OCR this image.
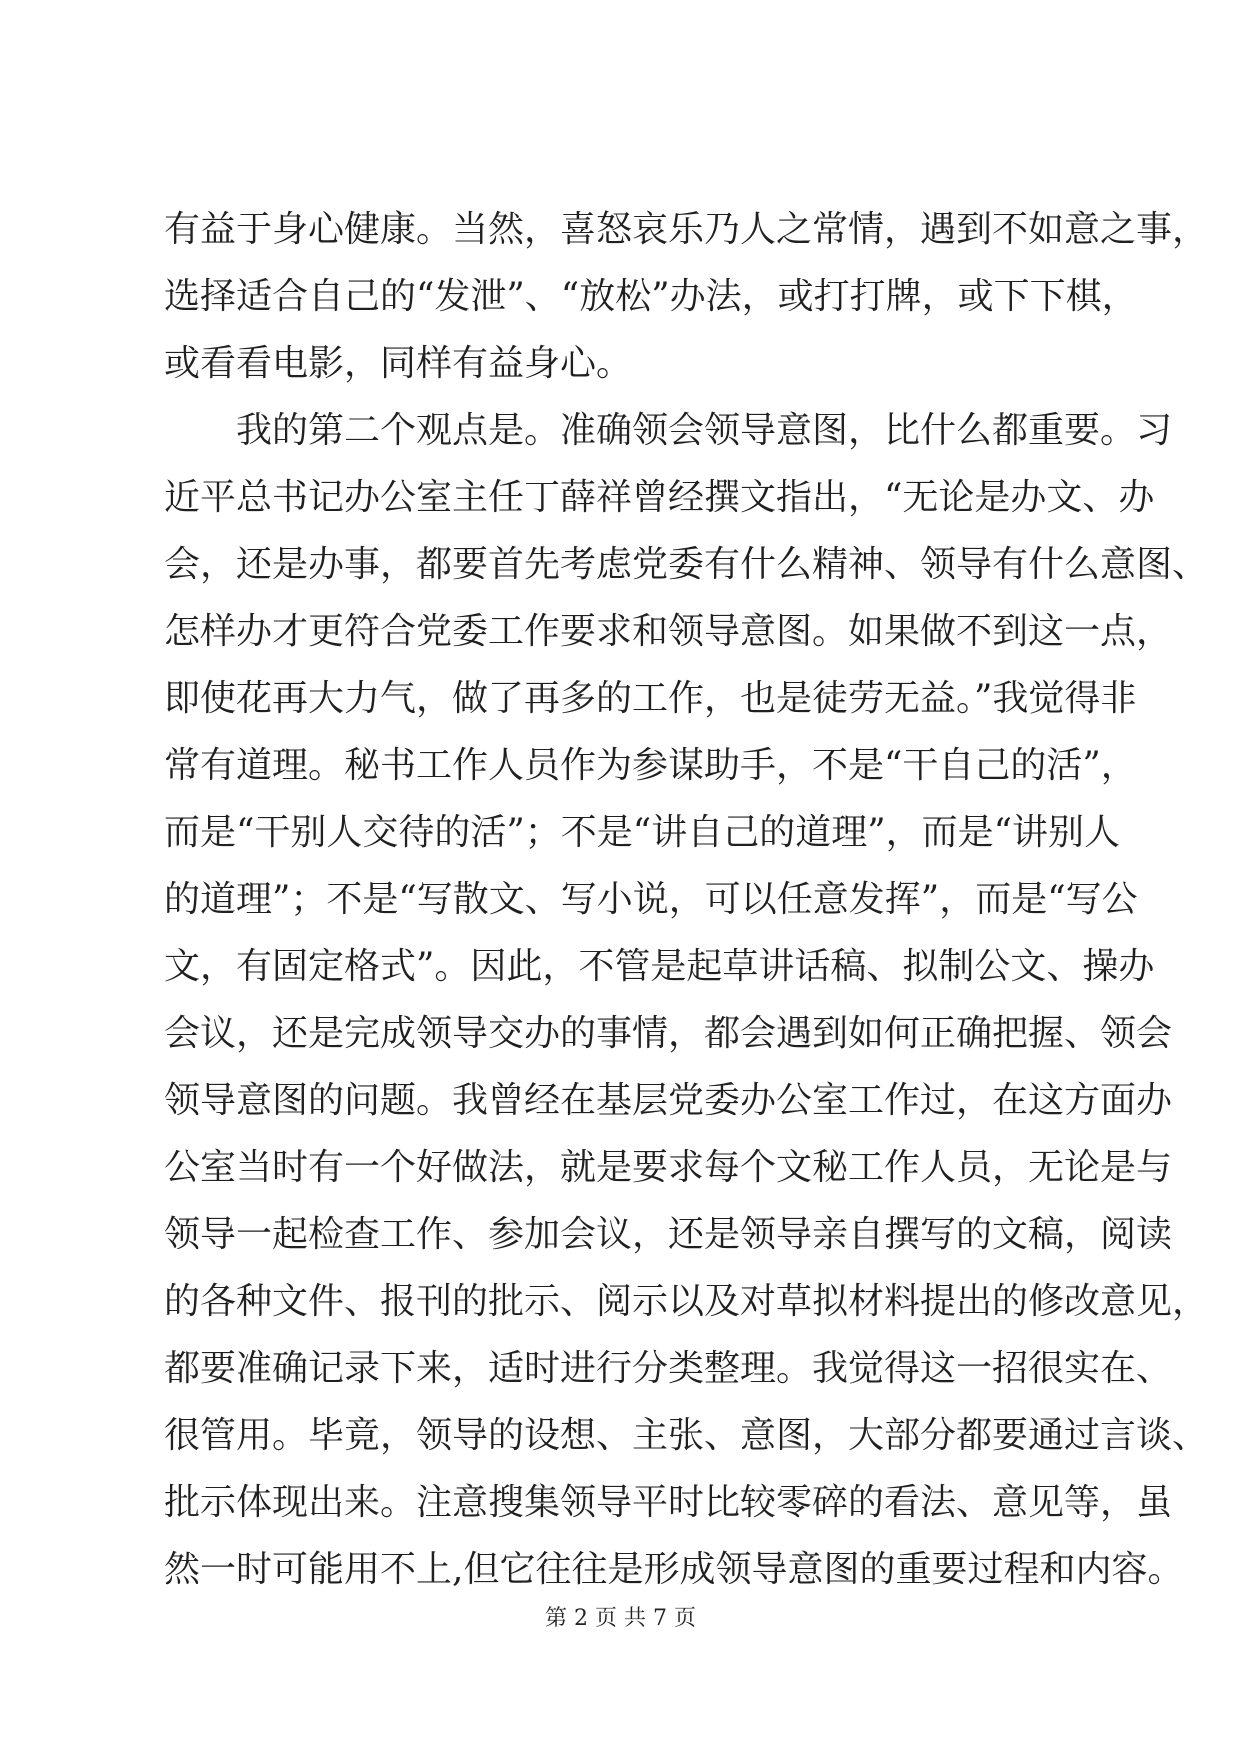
有益于身心健康。当然，喜怒哀乐乃人之常情，遇到不如意之事，
选择适合自己的“发泄”、“放松”办法，或打打牌，或下下棋，
或看看电影，同样有益身心。
我的第二个观点是。准确领会领导意图，比什么都重要。习
近平总书记办公室主任丁薛祥曾经撰文指出，“无论是办文、办
会，还是办事，都要首先考虑党委有什么精神、领导有什么意图、
怎样办才更符合党委工作要求和领导意图。如果做不到这一点，
即使花再大力气，做了再多的工作，也是徒劳无益。”我觉得非
常有道理。秘书工作人员作为参谋助手，不是“干自己的活”，
而是“干别人交待的活”；不是“讲自己的道理”，而是“讲别人
的道理”；不是“写散文、写小说，可以任意发挥”，而是“写公
文，有固定格式”。因此，不管是起草讲话稿、拟制公文、操办
会议，还是完成领导交办的事情，都会遇到如何正确把握、领会
领导意图的问题。我曾经在基层党委办公室工作过，在这方面办
公室当时有一个好做法，就是要求每个文秘工作人员，无论是与
领导一起检查工作、参加会议，还是领导亲自撰写的文稿，阅读
的各种文件、报刊的批示、阅示以及对草拟材料提出的修改意见，
都要准确记录下来，适时进行分类整理。我觉得这一招很实在、
很管用。毕竟，领导的设想、主张、意图，大部分都要通过言谈、
批示体现出来。注意搜集领导平时比较零碎的看法、意见等，虽
然一时可能用不上,但它往往是形成领导意图的重要过程和内容。
第 2 页 共 7 页
